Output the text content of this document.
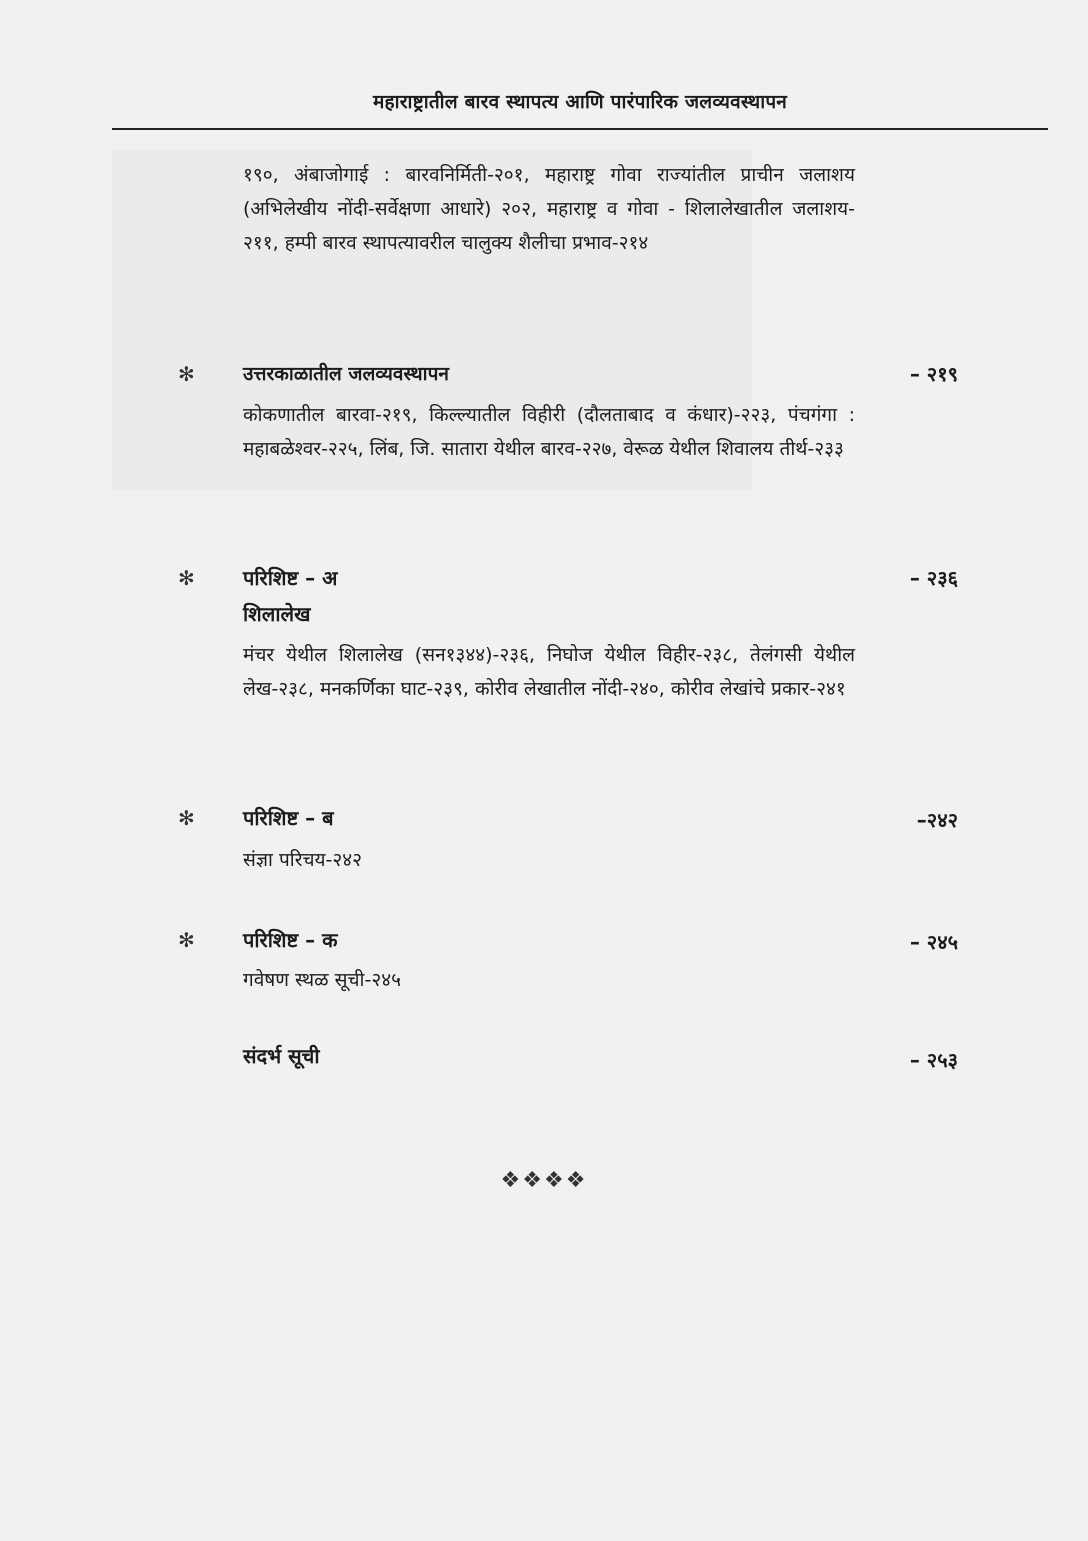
महाराष्ट्रातील बारव स्थापत्य आणि पारंपारिक जलव्यवस्थापन
१९०, अंबाजोगाई : बारवनिर्मिती-२०१, महाराष्ट्र गोवा राज्यांतील प्राचीन जलाशय (अभिलेखीय नोंदी-सर्वेक्षणा आधारे) २०२, महाराष्ट्र व गोवा - शिलालेखातील जलाशय- २११, हम्पी बारव स्थापत्यावरील चालुक्य शैलीचा प्रभाव-२१४
✻	उत्तरकाळातील जलव्यवस्थापन	– २१९
कोकणातील बारवा-२१९, किल्ल्यातील विहीरी (दौलताबाद व कंधार)-२२३, पंचगंगा : महाबळेश्वर-२२५, लिंब, जि. सातारा येथील बारव-२२७, वेरूळ येथील शिवालय तीर्थ-२३३
✻ परिशिष्ट – अ	– २३६
शिलालेख
मंचर येथील शिलालेख (सन१३४४)-२३६, निघोज येथील विहीर-२३८, तेलंगसी येथील लेख-२३८, मनकर्णिका घाट-२३९, कोरीव लेखातील नोंदी-२४०, कोरीव लेखांचे प्रकार-२४१
✻ परिशिष्ट – ब	–२४२
संज्ञा परिचय-२४२
✻ परिशिष्ट – क	– २४५
गवेषण स्थळ सूची-२४५
संदर्भ सूची	– २५३
❖❖❖❖
